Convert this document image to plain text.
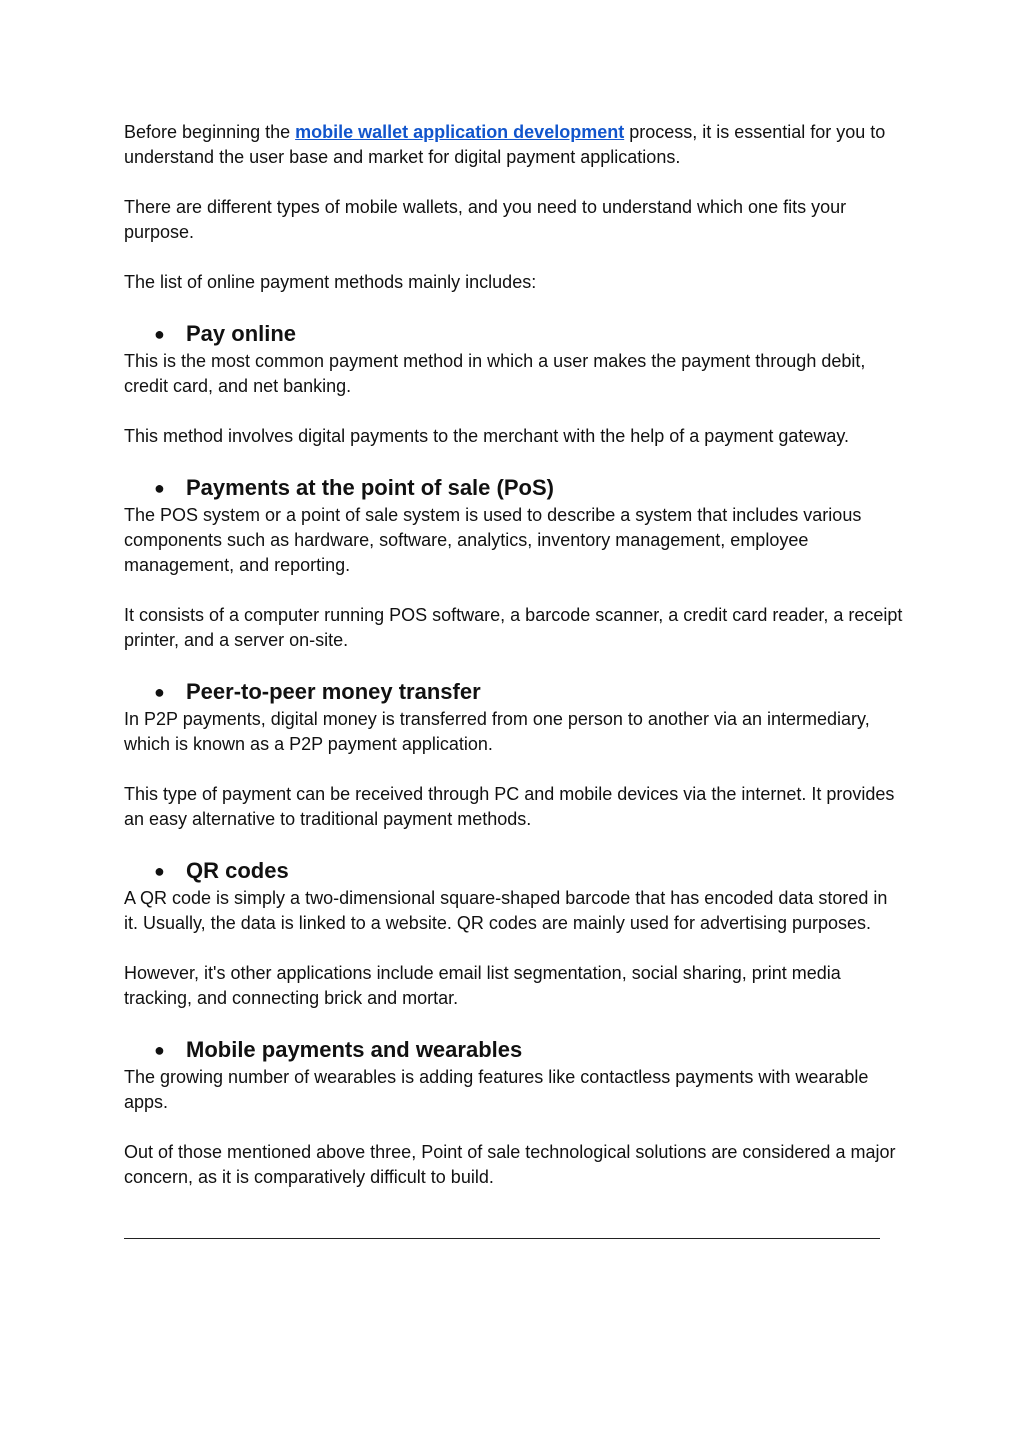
Before beginning the mobile wallet application development process, it is essential for you to understand the user base and market for digital payment applications.

There are different types of mobile wallets, and you need to understand which one fits your purpose.

The list of online payment methods mainly includes:

● Pay online

This is the most common payment method in which a user makes the payment through debit, credit card, and net banking.

This method involves digital payments to the merchant with the help of a payment gateway.

● Payments at the point of sale (PoS)

The POS system or a point of sale system is used to describe a system that includes various components such as hardware, software, analytics, inventory management, employee management, and reporting.

It consists of a computer running POS software, a barcode scanner, a credit card reader, a receipt printer, and a server on-site.

● Peer-to-peer money transfer

In P2P payments, digital money is transferred from one person to another via an intermediary, which is known as a P2P payment application.

This type of payment can be received through PC and mobile devices via the internet. It provides an easy alternative to traditional payment methods.

● QR codes

A QR code is simply a two-dimensional square-shaped barcode that has encoded data stored in it. Usually, the data is linked to a website. QR codes are mainly used for advertising purposes.

However, it's other applications include email list segmentation, social sharing, print media tracking, and connecting brick and mortar.

● Mobile payments and wearables

The growing number of wearables is adding features like contactless payments with wearable apps.

Out of those mentioned above three, Point of sale technological solutions are considered a major concern, as it is comparatively difficult to build.
